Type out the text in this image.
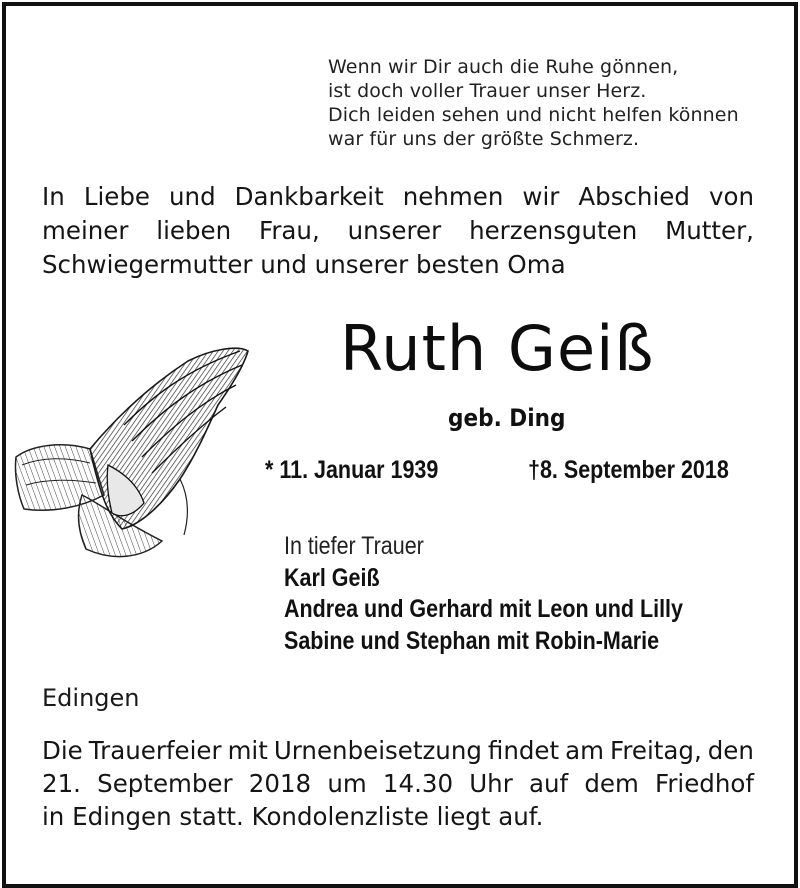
Wenn wir Dir auch die Ruhe gönnen,
ist doch voller Trauer unser Herz.
Dich leiden sehen und nicht helfen können
war für uns der größte Schmerz.
In Liebe und Dankbarkeit nehmen wir Abschied von
meiner lieben Frau, unserer herzensguten Mutter,
Schwiegermutter und unserer besten Oma
Ruth Geiß
geb. Ding
* 11. Januar 1939	†8. September 2018
In tiefer Trauer
Karl Geiß
Andrea und Gerhard mit Leon und Lilly
Sabine und Stephan mit Robin-Marie
Edingen
Die Trauerfeier mit Urnenbeisetzung findet am Freitag, den
21. September 2018 um 14.30 Uhr auf dem Friedhof
in Edingen statt. Kondolenzliste liegt auf.
